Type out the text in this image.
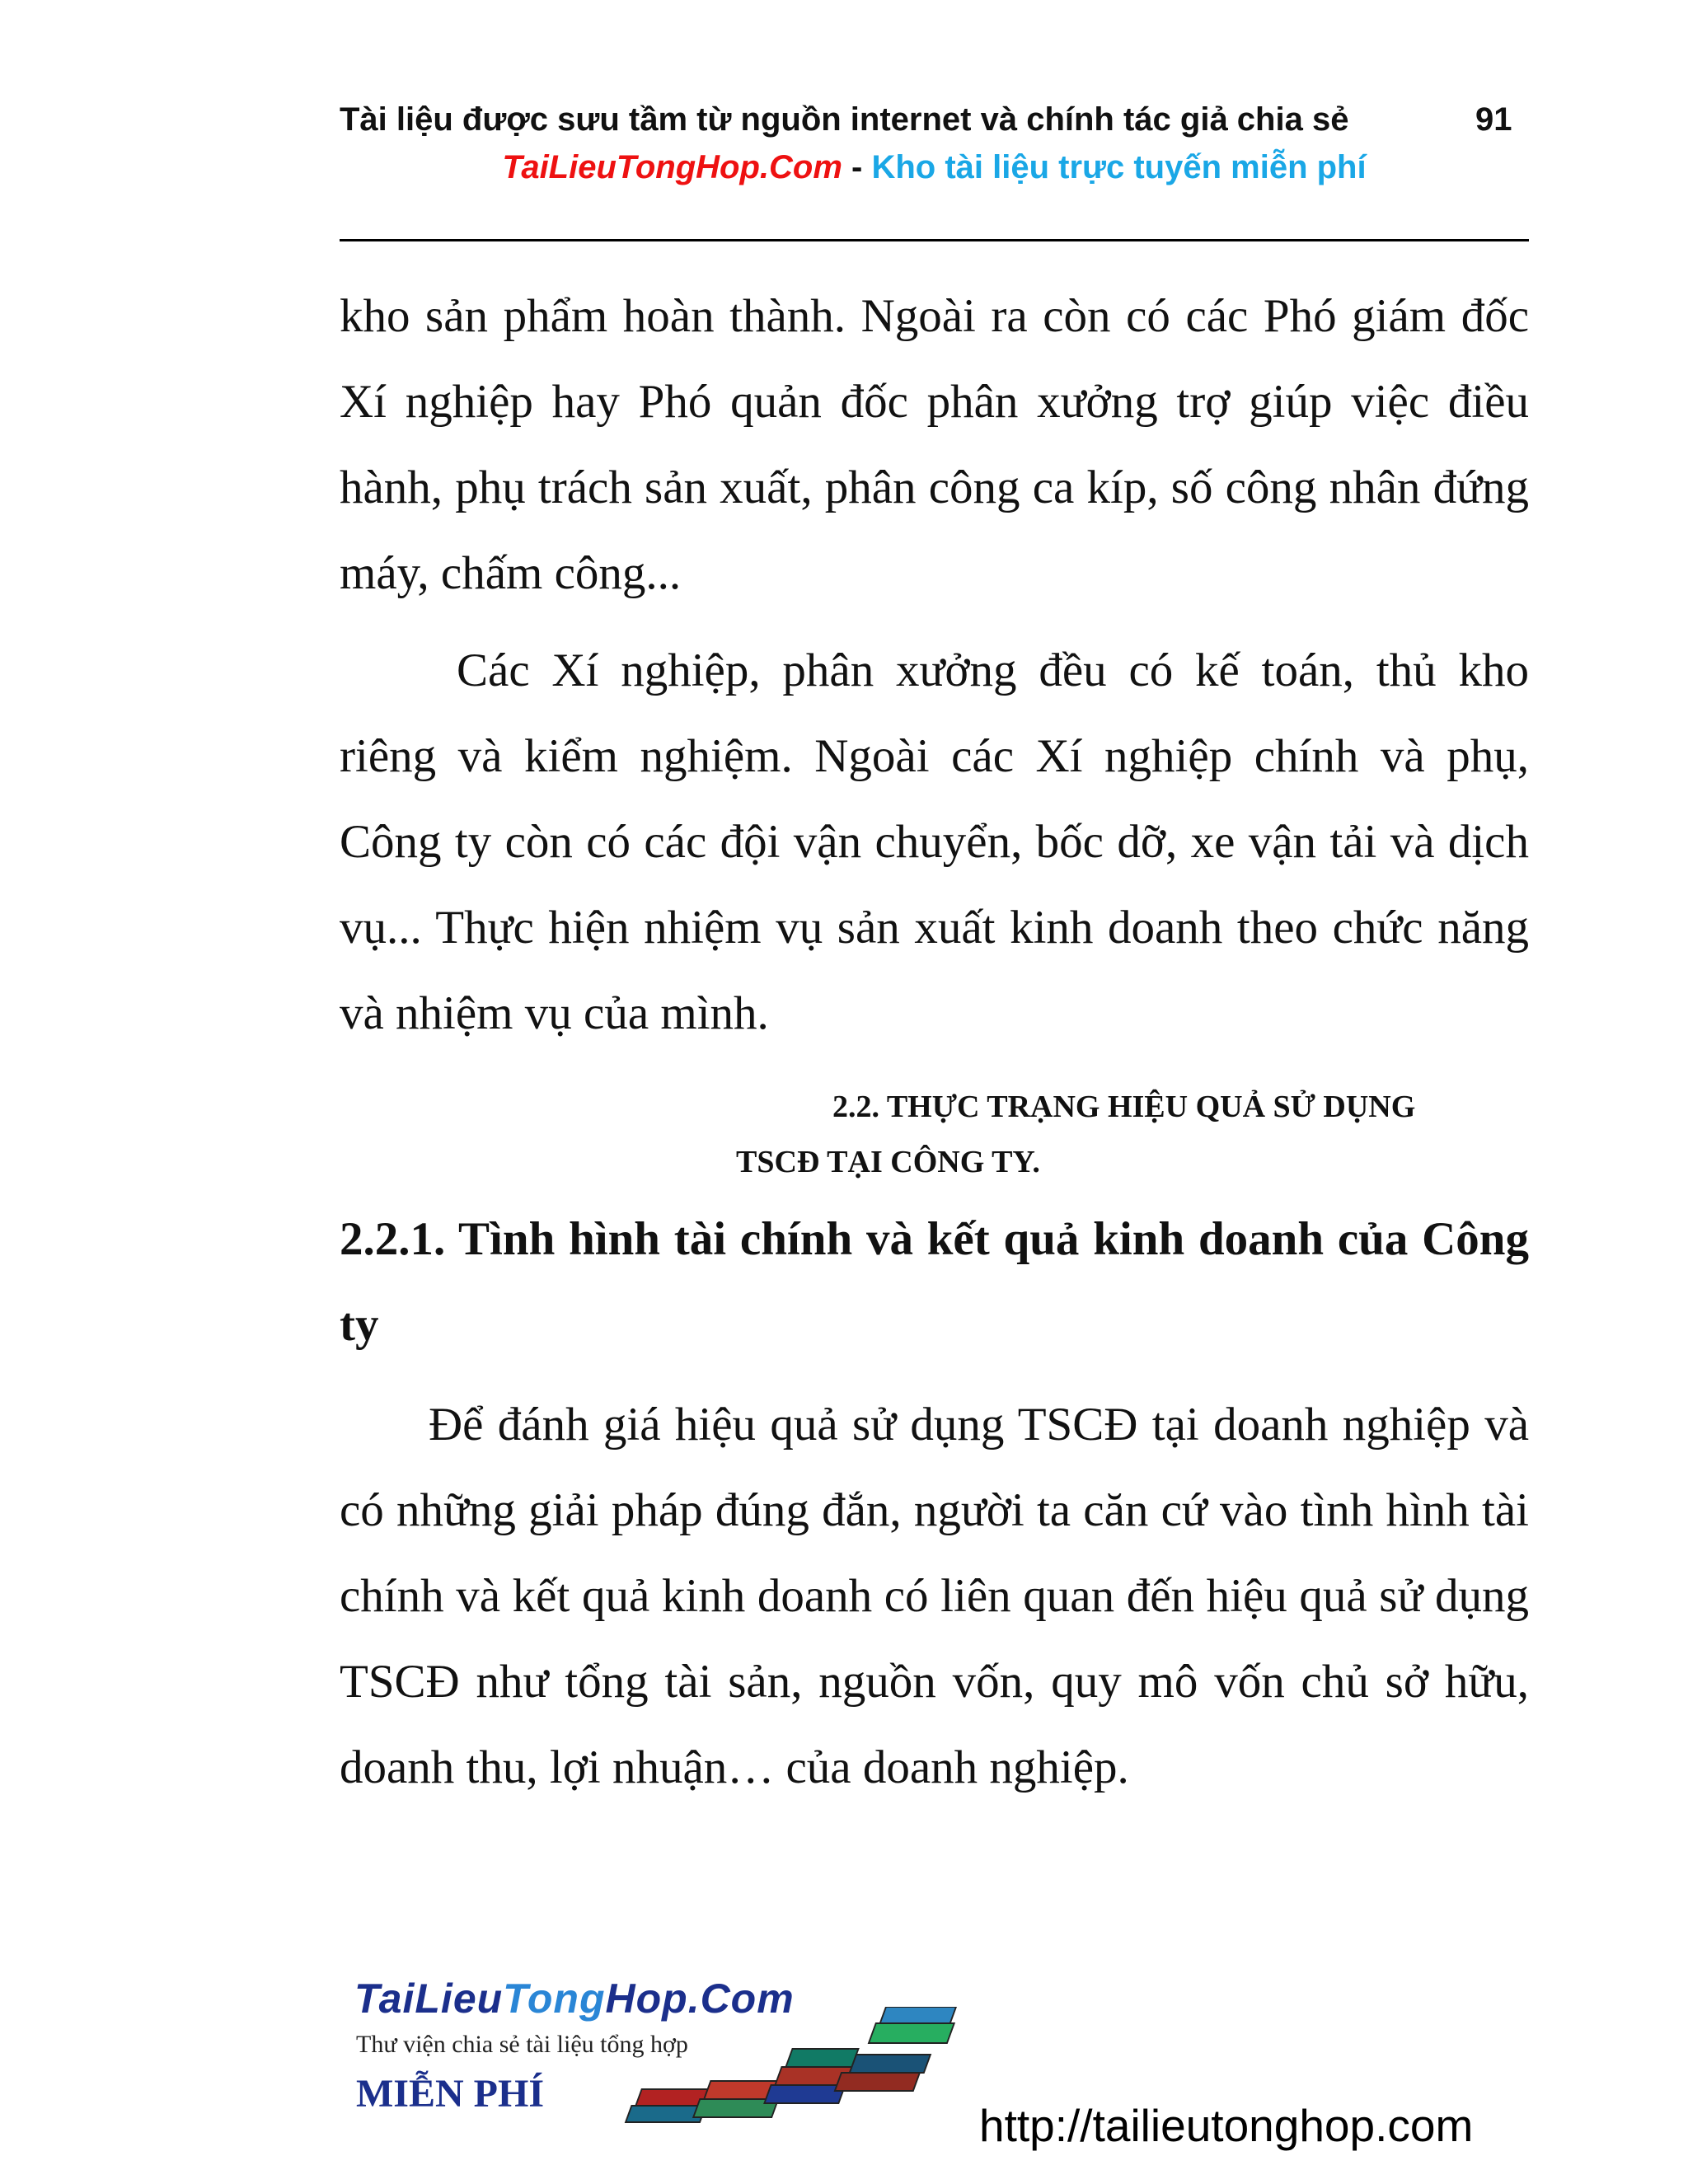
Tài liệu được sưu tầm từ nguồn internet và chính tác giả chia sẻ	91
TaiLieuTongHop.Com - Kho tài liệu trực tuyến miễn phí

kho sản phẩm hoàn thành. Ngoài ra còn có các Phó giám đốc Xí nghiệp hay Phó quản đốc phân xưởng trợ giúp việc điều hành, phụ trách sản xuất, phân công ca kíp, số công nhân đứng máy, chấm công...

Các Xí nghiệp, phân xưởng đều có kế toán, thủ kho riêng và kiểm nghiệm. Ngoài các Xí nghiệp chính và phụ, Công ty còn có các đội vận chuyển, bốc dỡ, xe vận tải và dịch vụ... Thực hiện nhiệm vụ sản xuất kinh doanh theo chức năng và nhiệm vụ của mình.

2.2. THỰC TRẠNG HIỆU QUẢ SỬ DỤNG
TSCĐ TẠI CÔNG TY.

2.2.1. Tình hình tài chính và kết quả kinh doanh của Công ty

Để đánh giá hiệu quả sử dụng TSCĐ tại doanh nghiệp và có những giải pháp đúng đắn, người ta căn cứ vào tình hình tài chính và kết quả kinh doanh có liên quan đến hiệu quả sử dụng TSCĐ như tổng tài sản, nguồn vốn, quy mô vốn chủ sở hữu, doanh thu, lợi nhuận… của doanh nghiệp.

TaiLieuTongHop.Com
Thư viện chia sẻ tài liệu tổng hợp
MIỄN PHÍ
http://tailieutonghop.com
